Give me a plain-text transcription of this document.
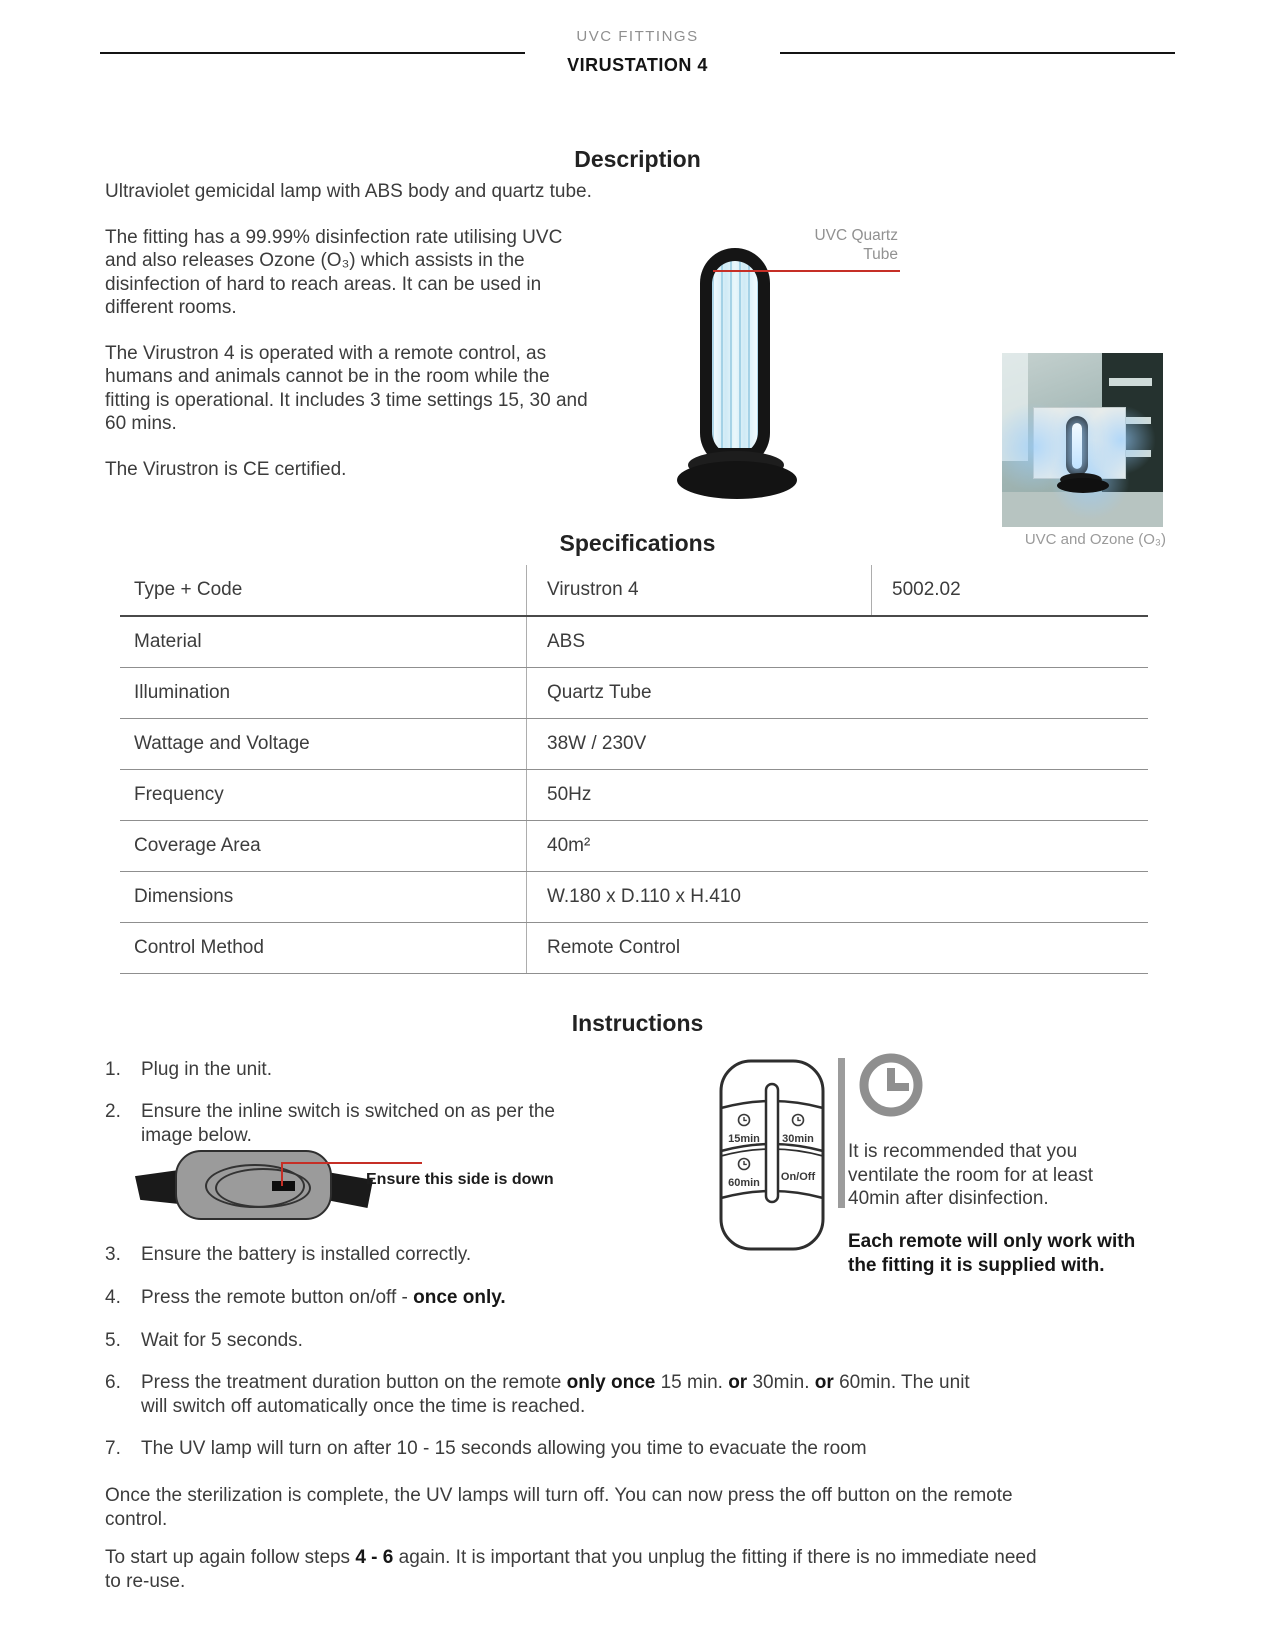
UVC FITTINGS
VIRUSTATION 4
Description

Ultraviolet gemicidal lamp with ABS body and quartz tube.

The fitting has a 99.99% disinfection rate utilising UVC and also releases Ozone (O₃) which assists in the disinfection of hard to reach areas. It can be used in different rooms.

The Virustron 4 is operated with a remote control, as humans and animals cannot be in the room while the fitting is operational. It includes 3 time settings 15, 30 and 60 mins.

The Virustron is CE certified.

UVC Quartz Tube
UVC and Ozone (O₃)
Specifications
Type + Code	Virustron 4	5002.02
Material	ABS
Illumination	Quartz Tube
Wattage and Voltage	38W / 230V
Frequency	50Hz
Coverage Area	40m²
Dimensions	W.180 x D.110 x H.410
Control Method	Remote Control
Instructions
1.	Plug in the unit.
2.	Ensure the inline switch is switched on as per the image below.
Ensure this side is down
3.	Ensure the battery is installed correctly.
4.	Press the remote button on/off - once only.
5.	Wait for 5 seconds.
6.	Press the treatment duration button on the remote only once 15 min. or 30min. or 60min. The unit will switch off automatically once the time is reached.
7.	The UV lamp will turn on after 10 - 15 seconds allowing you time to evacuate the room
Once the sterilization is complete, the UV lamps will turn off. You can now press the off button on the remote control.
To start up again follow steps 4 - 6 again. It is important that you unplug the fitting if there is no immediate need to re-use.
15min 30min
60min On/Off
It is recommended that you ventilate the room for at least 40min after disinfection.
Each remote will only work with the fitting it is supplied with.
